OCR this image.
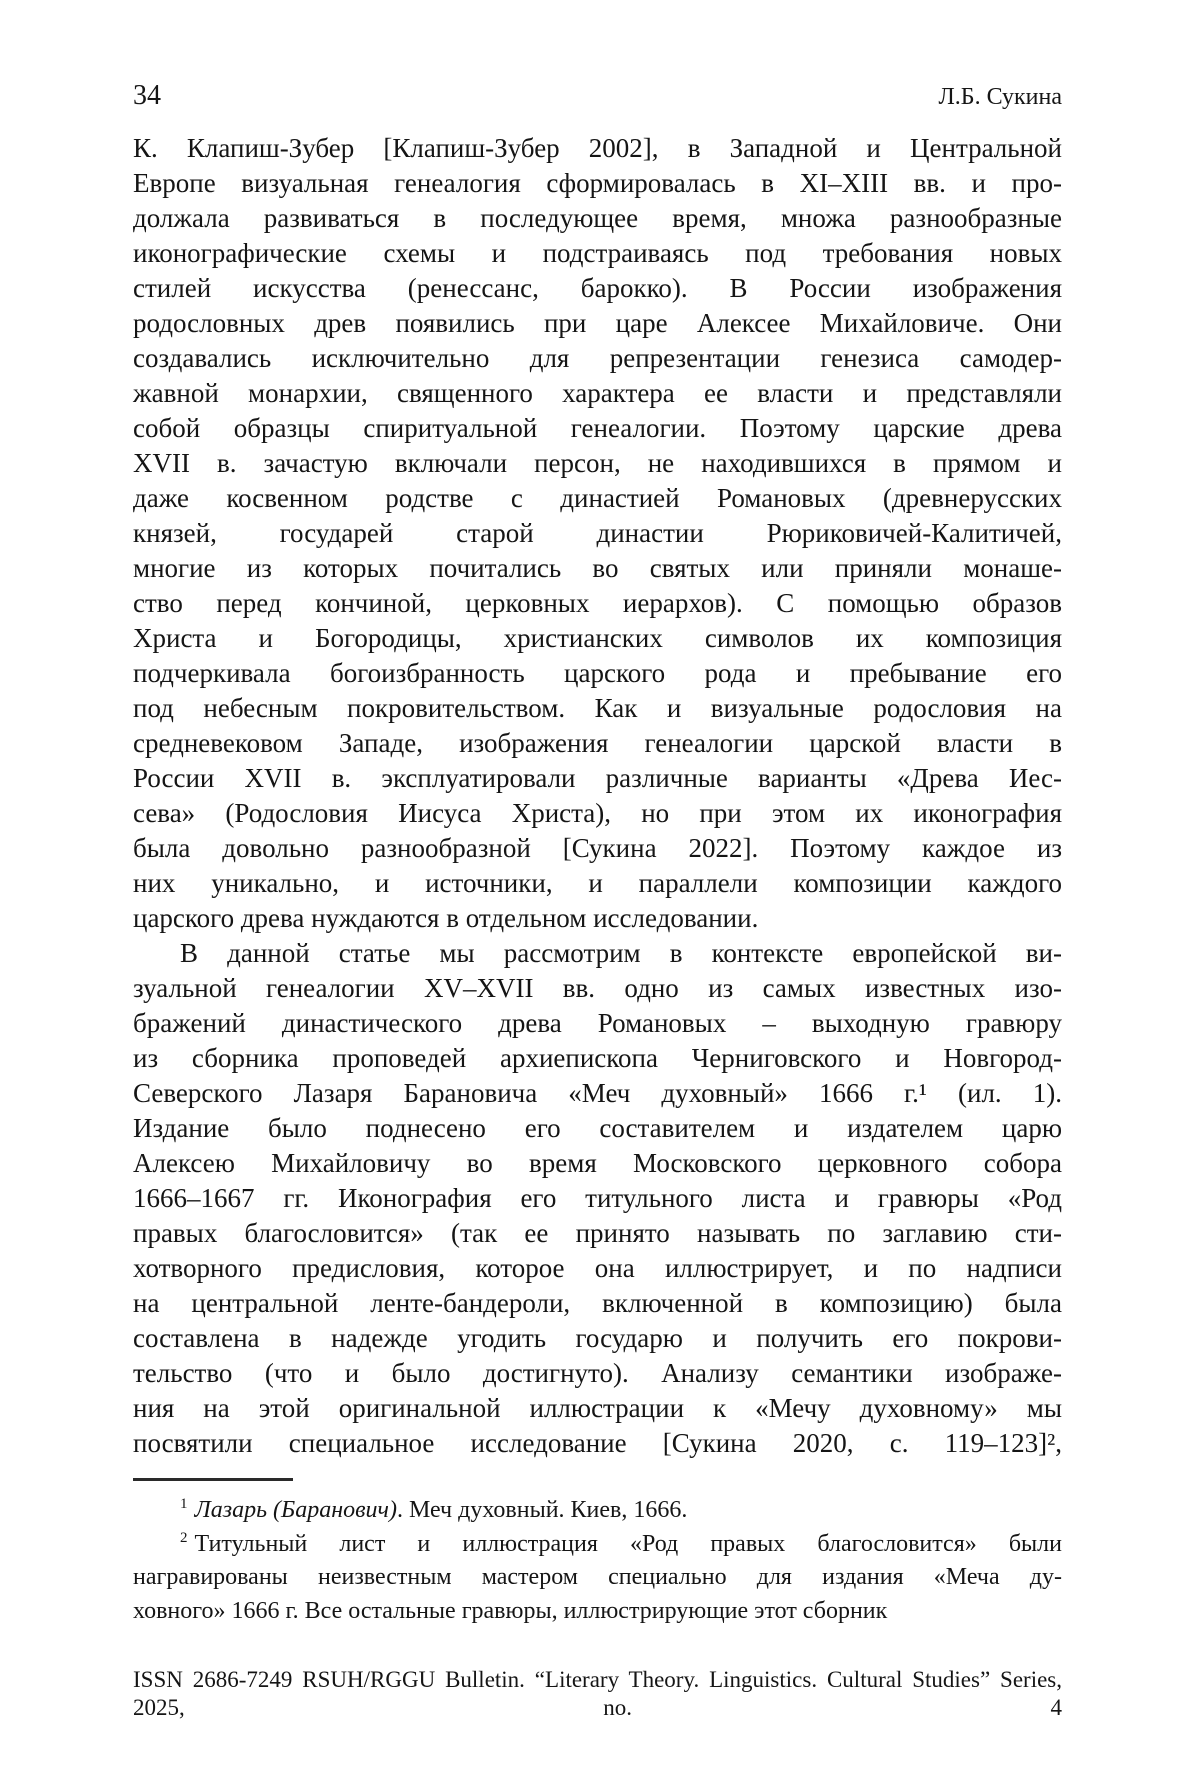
34	Л.Б. Сукина
К. Клапиш-Зубер [Клапиш-Зубер 2002], в Западной и Центральной
Европе визуальная генеалогия сформировалась в XI–XIII вв. и про-
должала развиваться в последующее время, множа разнообразные
иконографические схемы и подстраиваясь под требования новых
стилей искусства (ренессанс, барокко). В России изображения
родословных древ появились при царе Алексее Михайловиче. Они
создавались исключительно для репрезентации генезиса самодер-
жавной монархии, священного характера ее власти и представляли
собой образцы спиритуальной генеалогии. Поэтому царские древа
XVII в. зачастую включали персон, не находившихся в прямом и
даже косвенном родстве с династией Романовых (древнерусских
князей, государей старой династии Рюриковичей-Калитичей,
многие из которых почитались во святых или приняли монаше-
ство перед кончиной, церковных иерархов). С помощью образов
Христа и Богородицы, христианских символов их композиция
подчеркивала богоизбранность царского рода и пребывание его
под небесным покровительством. Как и визуальные родословия на
средневековом Западе, изображения генеалогии царской власти в
России XVII в. эксплуатировали различные варианты «Древа Иес-
сева» (Родословия Иисуса Христа), но при этом их иконография
была довольно разнообразной [Сукина 2022]. Поэтому каждое из
них уникально, и источники, и параллели композиции каждого
царского древа нуждаются в отдельном исследовании.
В данной статье мы рассмотрим в контексте европейской ви-
зуальной генеалогии XV–XVII вв. одно из самых известных изо-
бражений династического древа Романовых – выходную гравюру
из сборника проповедей архиепископа Черниговского и Новгород-
Северского Лазаря Барановича «Меч духовный» 1666 г.¹ (ил. 1).
Издание было поднесено его составителем и издателем царю
Алексею Михайловичу во время Московского церковного собора
1666–1667 гг. Иконография его титульного листа и гравюры «Род
правых благословится» (так ее принято называть по заглавию сти-
хотворного предисловия, которое она иллюстрирует, и по надписи
на центральной ленте-бандероли, включенной в композицию) была
составлена в надежде угодить государю и получить его покрови-
тельство (что и было достигнуто). Анализу семантики изображе-
ния на этой оригинальной иллюстрации к «Мечу духовному» мы
посвятили специальное исследование [Сукина 2020, с. 119–123]²,
$^1$ Лазарь (Баранович). Меч духовный. Киев, 1666.
$^2$ Титульный лист и иллюстрация «Род правых благословится» были
награвированы неизвестным мастером специально для издания «Меча ду-
ховного» 1666 г. Все остальные гравюры, иллюстрирующие этот сборник
ISSN 2686-7249 RSUH/RGGU Bulletin. “Literary Theory. Linguistics. Cultural Studies” Series, 2025, no. 4
